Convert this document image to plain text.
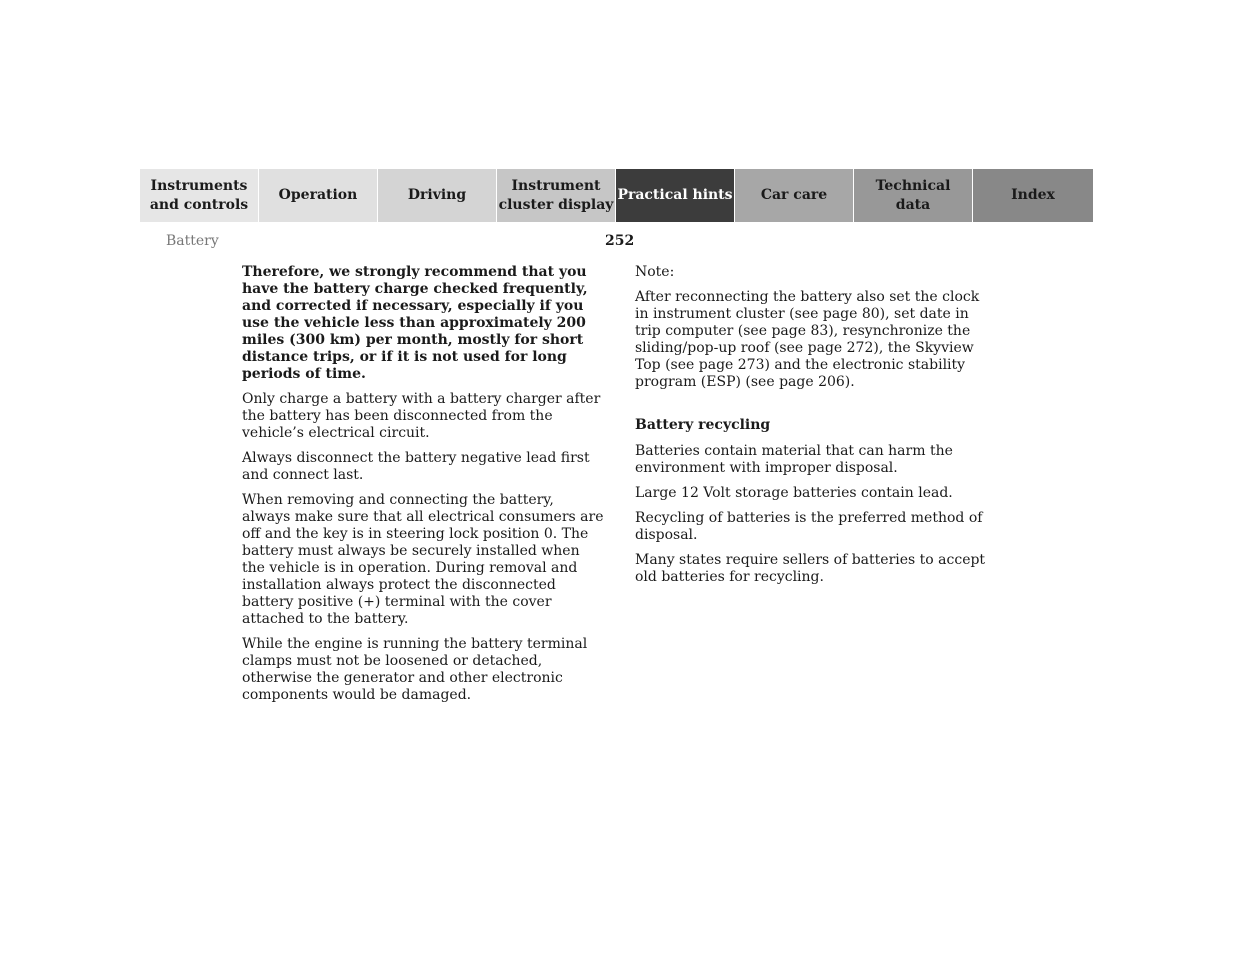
Instruments
and controls
Operation	Driving
Instrument
cluster display
Practical hints Car care
Technical
data
Index
Battery	252

Therefore, we strongly recommend that you have the battery charge checked frequently, and corrected if necessary, especially if you use the vehicle less than approximately 200 miles (300 km) per month, mostly for short distance trips, or if it is not used for long periods of time.

Only charge a battery with a battery charger after the battery has been disconnected from the vehicle’s electrical circuit.

Always disconnect the battery negative lead first and connect last.

When removing and connecting the battery, always make sure that all electrical consumers are off and the key is in steering lock position 0. The battery must always be securely installed when the vehicle is in operation. During removal and installation always protect the disconnected battery positive (+) terminal with the cover attached to the battery.

While the engine is running the battery terminal clamps must not be loosened or detached, otherwise the generator and other electronic components would be damaged.

Note:

After reconnecting the battery also set the clock in instrument cluster (see page 80), set date in trip computer (see page 83), resynchronize the sliding/pop-up roof (see page 272), the Skyview Top (see page 273) and the electronic stability program (ESP) (see page 206).

Battery recycling

Batteries contain material that can harm the environment with improper disposal.

Large 12 Volt storage batteries contain lead.

Recycling of batteries is the preferred method of disposal.

Many states require sellers of batteries to accept old batteries for recycling.
